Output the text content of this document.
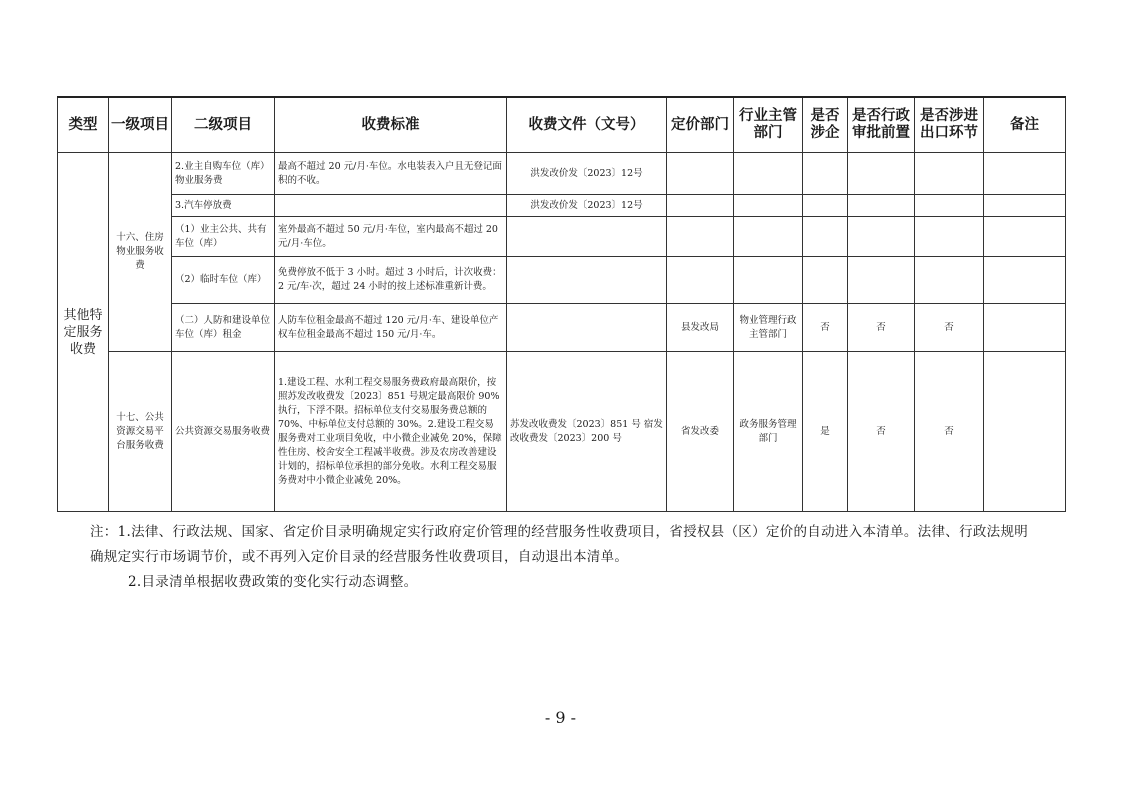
类型	一级项目	二级项目	收费标准	收费文件（文号）	定价部门	行业主管部门	是否涉企	是否行政审批前置	是否涉进出口环节	备注
其他特定服务收费	十六、住房物业服务收费	2.业主自购车位（库）物业服务费	最高不超过 20 元/月·车位。水电装表入户且无登记面积的不收。	洪发改价发〔2023〕12号						
		3.汽车停放费		洪发改价发〔2023〕12号						
		（1）业主公共、共有车位（库）	室外最高不超过 50 元/月·车位，室内最高不超过 20 元/月·车位。							
		（2）临时车位（库）	免费停放不低于 3 小时。超过 3 小时后，计次收费：2 元/车·次，超过 24 小时的按上述标准重新计费。							
		（二）人防和建设单位车位（库）租金	人防车位租金最高不超过 120 元/月·车、建设单位产权车位租金最高不超过 150 元/月·车。		县发改局	物业管理行政主管部门	否	否	否	
	十七、公共资源交易平台服务收费	公共资源交易服务收费	1.建设工程、水利工程交易服务费政府最高限价，按照苏发改收费发〔2023〕851 号规定最高限价 90%执行，下浮不限。招标单位支付交易服务费总额的 70%、中标单位支付总额的 30%。2.建设工程交易服务费对工业项目免收，中小微企业减免 20%，保障性住房、校舍安全工程减半收费。涉及农房改善建设计划的，招标单位承担的部分免收。水利工程交易服务费对中小微企业减免 20%。	苏发改收费发〔2023〕851 号 宿发改收费发〔2023〕200 号	省发改委	政务服务管理部门	是	否	否	

注：1.法律、行政法规、国家、省定价目录明确规定实行政府定价管理的经营服务性收费项目，省授权县（区）定价的自动进入本清单。法律、行政法规明确规定实行市场调节价，或不再列入定价目录的经营服务性收费项目，自动退出本清单。

2.目录清单根据收费政策的变化实行动态调整。

- 9 -
